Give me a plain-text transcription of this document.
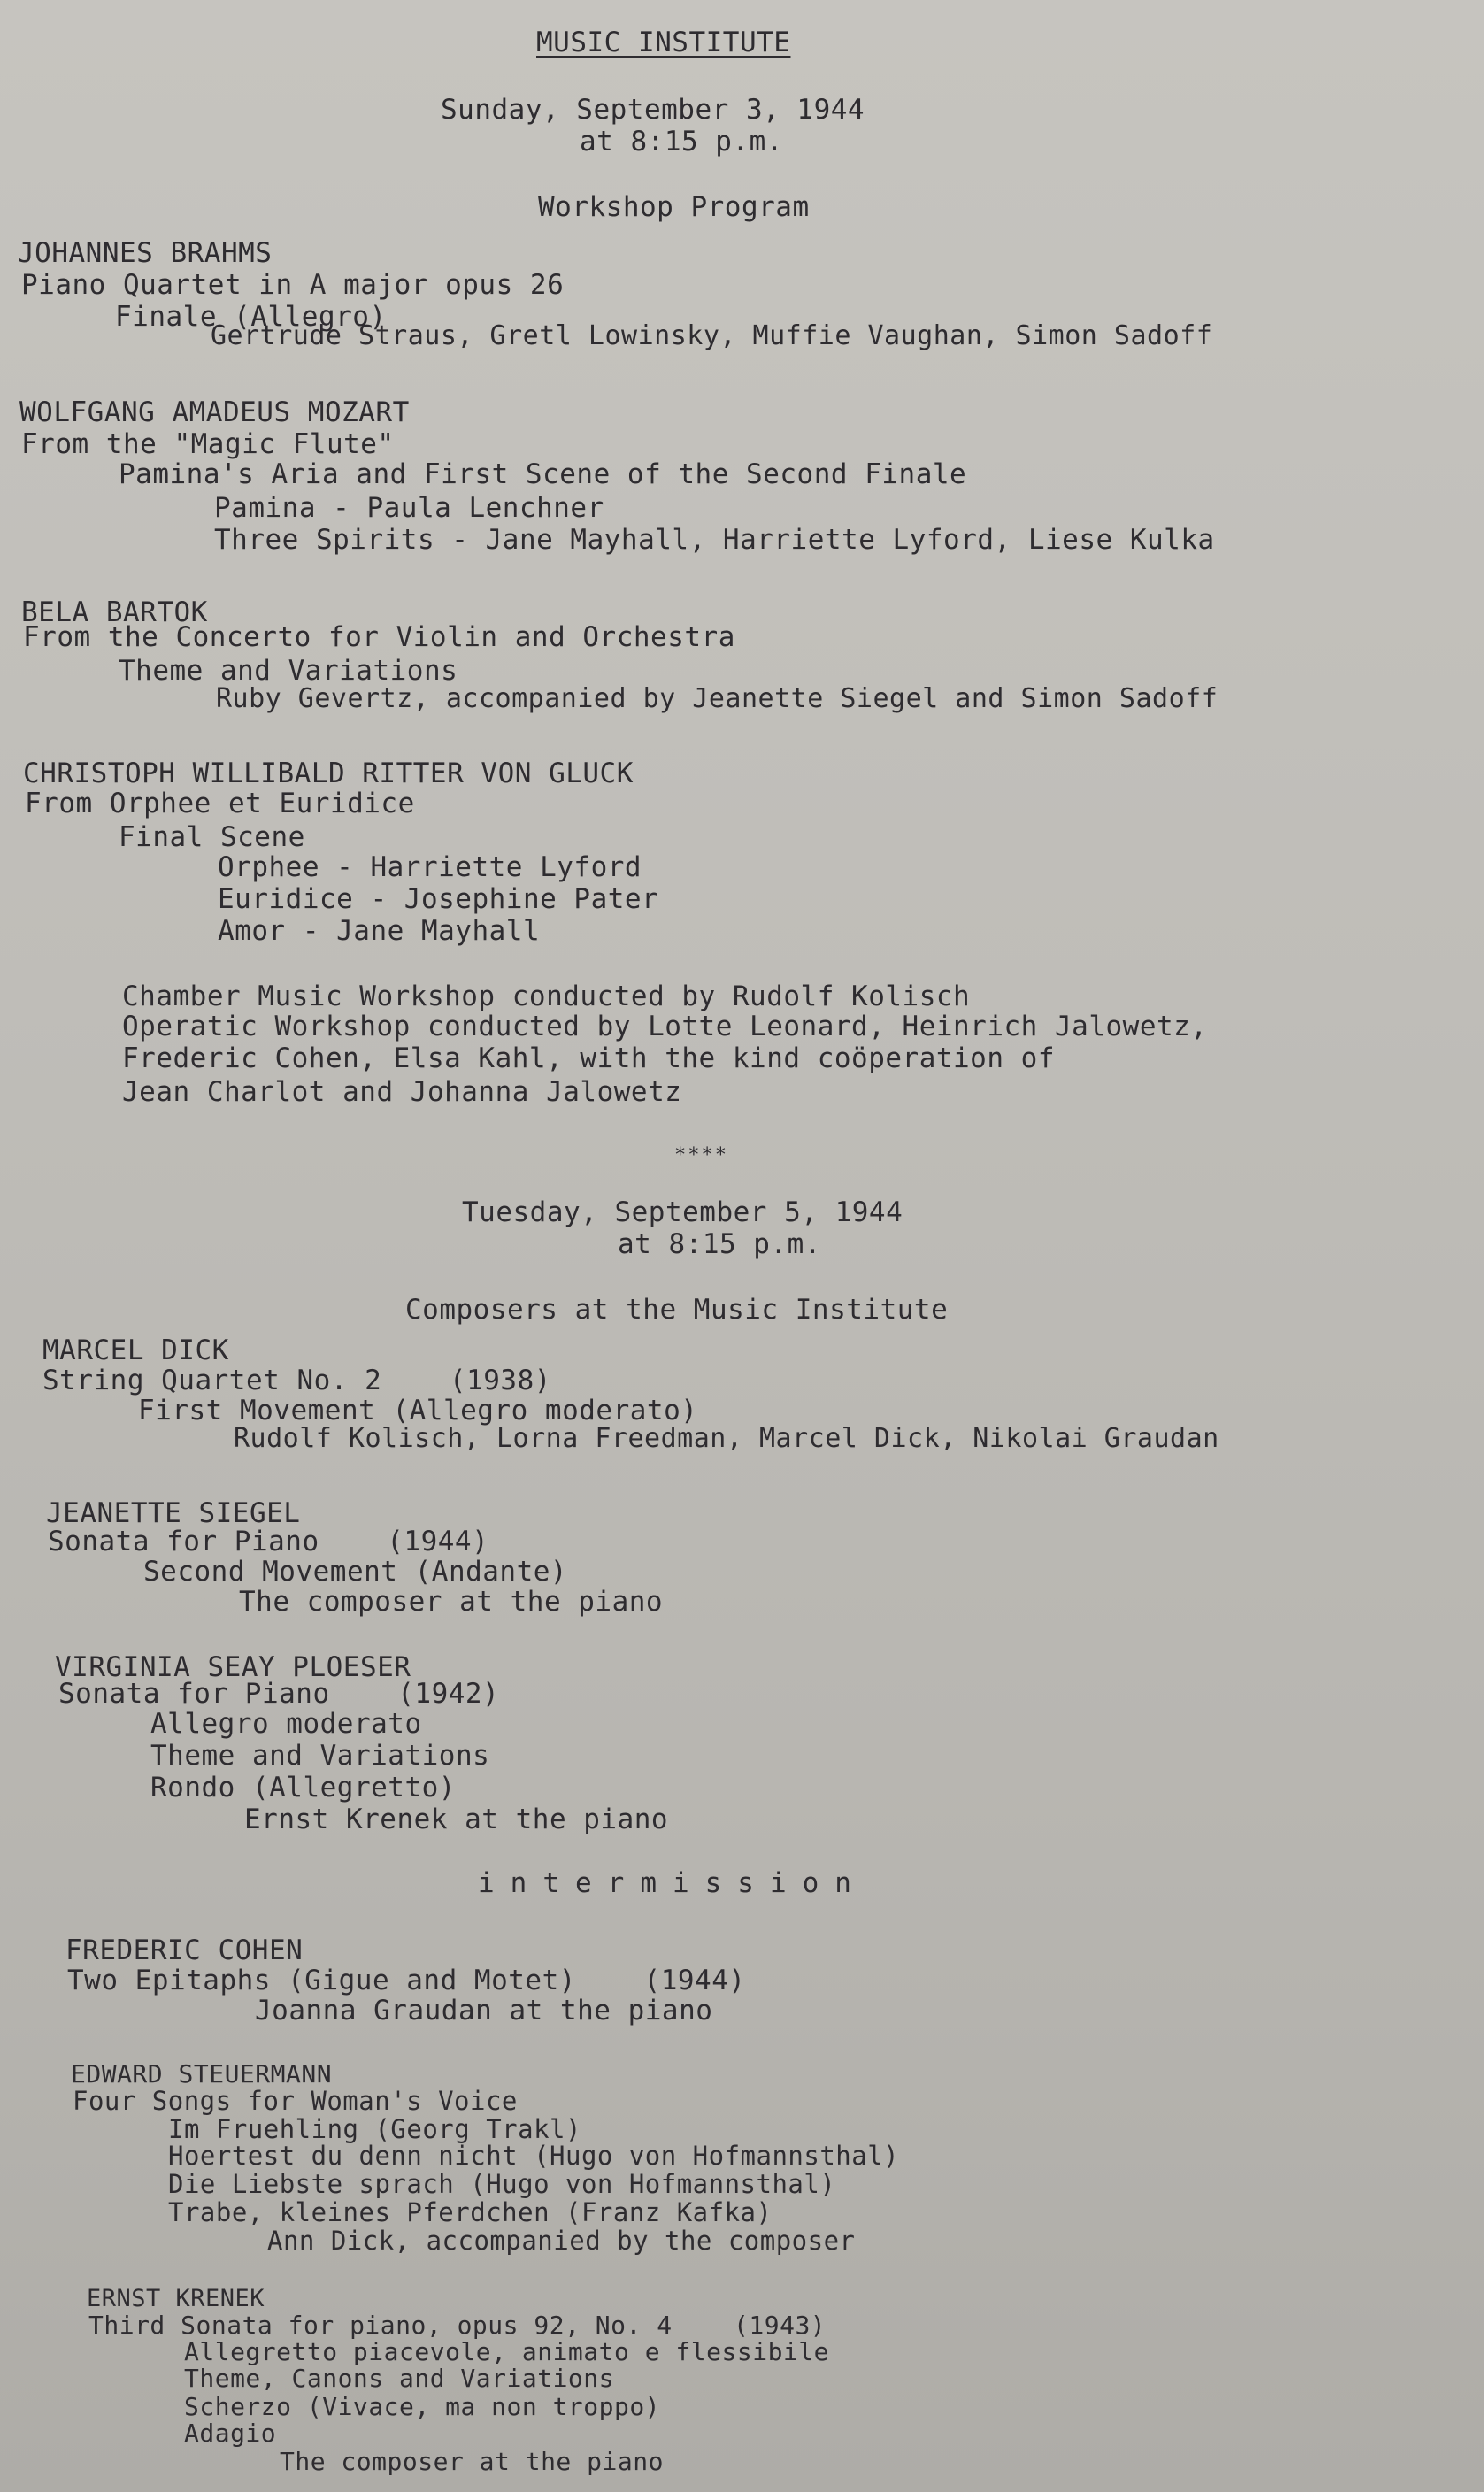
MUSIC INSTITUTE
Sunday, September 3, 1944
at 8:15 p.m.
Workshop Program
JOHANNES BRAHMS
Piano Quartet in A major opus 26
Finale (Allegro)
Gertrude Straus, Gretl Lowinsky, Muffie Vaughan, Simon Sadoff
WOLFGANG AMADEUS MOZART
From the "Magic Flute"
Pamina's Aria and First Scene of the Second Finale
Pamina - Paula Lenchner
Three Spirits - Jane Mayhall, Harriette Lyford, Liese Kulka
BELA BARTOK
From the Concerto for Violin and Orchestra
Theme and Variations
Ruby Gevertz, accompanied by Jeanette Siegel and Simon Sadoff
CHRISTOPH WILLIBALD RITTER VON GLUCK
From Orphee et Euridice
Final Scene
Orphee - Harriette Lyford
Euridice - Josephine Pater
Amor - Jane Mayhall
Chamber Music Workshop conducted by Rudolf Kolisch
Operatic Workshop conducted by Lotte Leonard, Heinrich Jalowetz,
Frederic Cohen, Elsa Kahl, with the kind coöperation of
Jean Charlot and Johanna Jalowetz
****
Tuesday, September 5, 1944
at 8:15 p.m.
Composers at the Music Institute
MARCEL DICK
String Quartet No. 2    (1938)
First Movement (Allegro moderato)
Rudolf Kolisch, Lorna Freedman, Marcel Dick, Nikolai Graudan
JEANETTE SIEGEL
Sonata for Piano    (1944)
Second Movement (Andante)
The composer at the piano
VIRGINIA SEAY PLOESER
Sonata for Piano    (1942)
Allegro moderato
Theme and Variations
Rondo (Allegretto)
Ernst Krenek at the piano
intermission
FREDERIC COHEN
Two Epitaphs (Gigue and Motet)    (1944)
Joanna Graudan at the piano
EDWARD STEUERMANN
Four Songs for Woman's Voice
Im Fruehling (Georg Trakl)
Hoertest du denn nicht (Hugo von Hofmannsthal)
Die Liebste sprach (Hugo von Hofmannsthal)
Trabe, kleines Pferdchen (Franz Kafka)
Ann Dick, accompanied by the composer
ERNST KRENEK
Third Sonata for piano, opus 92, No. 4    (1943)
Allegretto piacevole, animato e flessibile
Theme, Canons and Variations
Scherzo (Vivace, ma non troppo)
Adagio
The composer at the piano
